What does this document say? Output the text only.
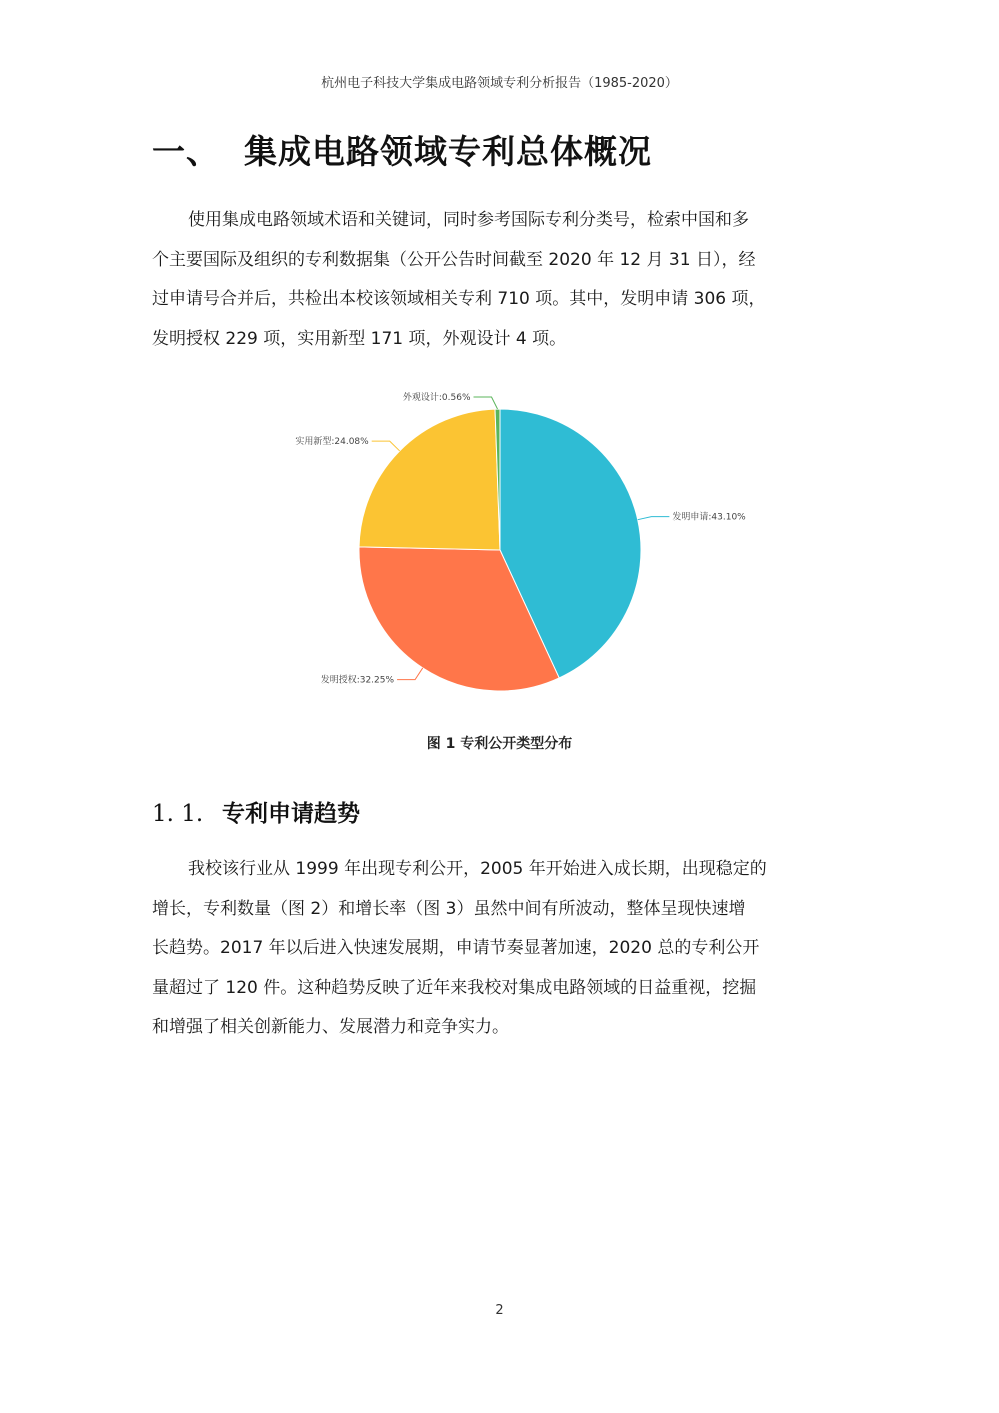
杭州电子科技大学集成电路领域专利分析报告（1985-2020）
一、 集成电路领域专利总体概况
使用集成电路领域术语和关键词，同时参考国际专利分类号，检索中国和多
个主要国际及组织的专利数据集（公开公告时间截至 2020 年 12 月 31 日），经
过申请号合并后，共检出本校该领域相关专利 710 项。其中，发明申请 306 项，
发明授权 229 项，实用新型 171 项，外观设计 4 项。
发明申请:43.10%
发明授权:32.25%
实用新型:24.08%
外观设计:0.56%
图 1 专利公开类型分布
1. 1. 专利申请趋势
我校该行业从 1999 年出现专利公开，2005 年开始进入成长期，出现稳定的
增长，专利数量（图 2）和增长率（图 3）虽然中间有所波动，整体呈现快速增
长趋势。2017 年以后进入快速发展期，申请节奏显著加速，2020 总的专利公开
量超过了 120 件。这种趋势反映了近年来我校对集成电路领域的日益重视，挖掘
和增强了相关创新能力、发展潜力和竞争实力。
2
